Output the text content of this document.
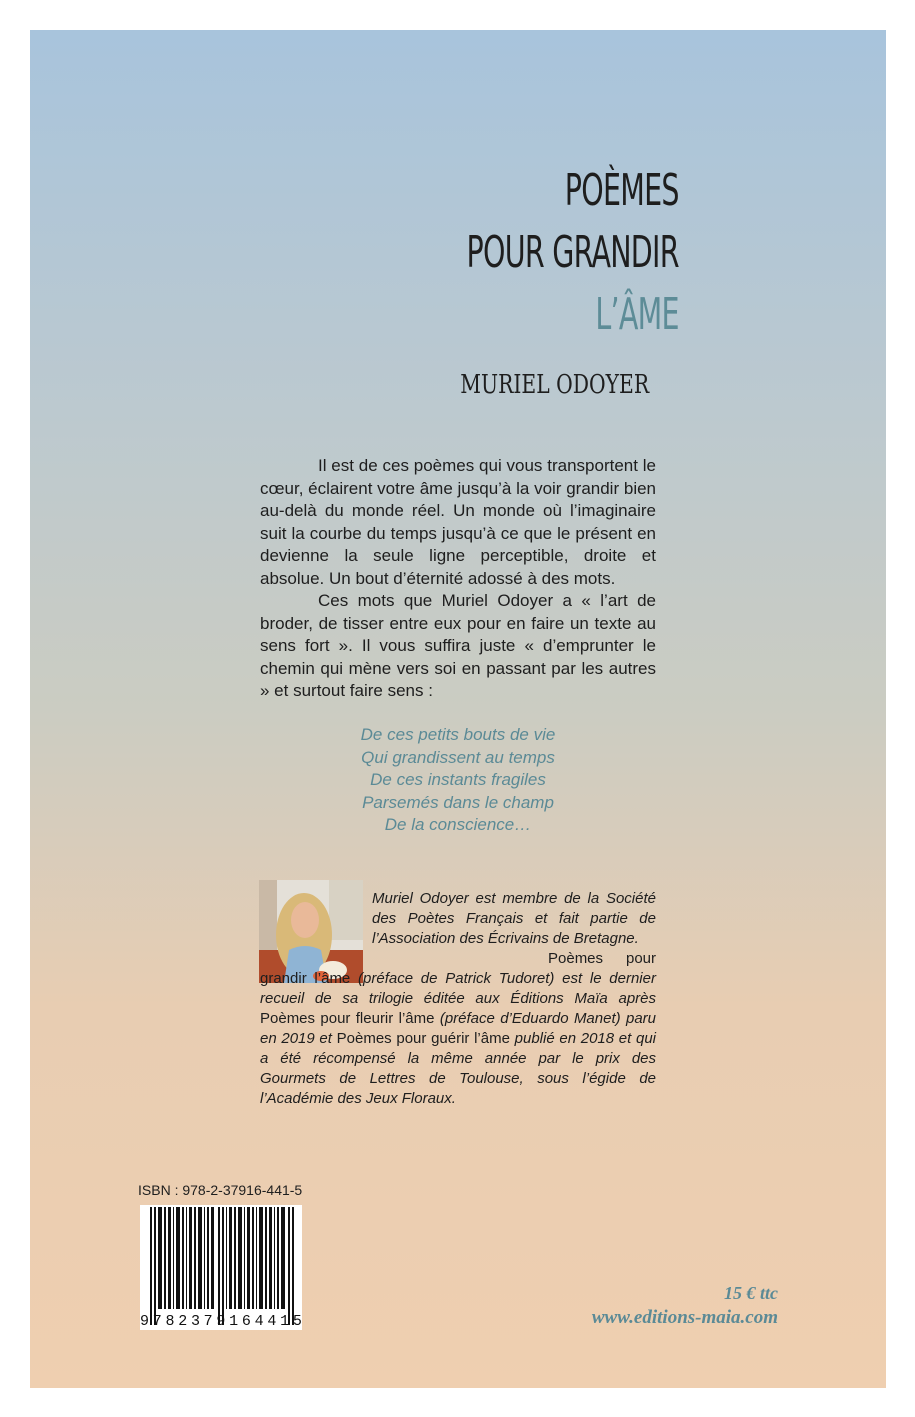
POÈMES
POUR GRANDIR
L’ÂME
MURIEL ODOYER

Il est de ces poèmes qui vous transportent le cœur, éclairent votre âme jusqu’à la voir grandir bien au-delà du monde réel. Un monde où l’imaginaire suit la courbe du temps jusqu’à ce que le présent en devienne la seule ligne perceptible, droite et absolue. Un bout d’éternité adossé à des mots.

Ces mots que Muriel Odoyer a « l’art de broder, de tisser entre eux pour en faire un texte au sens fort ». Il vous suffira juste « d’emprunter le chemin qui mène vers soi en passant par les autres » et surtout faire sens :

De ces petits bouts de vie
Qui grandissent au temps
De ces instants fragiles
Parsemés dans le champ
De la conscience…

Muriel Odoyer est membre de la Société des Poètes Français et fait partie de l’Association des Écrivains de Bretagne.

Poèmes pour grandir l’âme (préface de Patrick Tudoret) est le dernier recueil de sa trilogie éditée aux Éditions Maïa après Poèmes pour fleurir l’âme (préface d’Eduardo Manet) paru en 2019 et Poèmes pour guérir l’âme publié en 2018 et qui a été récompensé la même année par le prix des Gourmets de Lettres de Toulouse, sous l’égide de l’Académie des Jeux Floraux.

ISBN : 978-2-37916-441-5
9 7 8 2 3 7 9 1 6 4 4 1 5
15 € ttc
www.editions-maia.com
